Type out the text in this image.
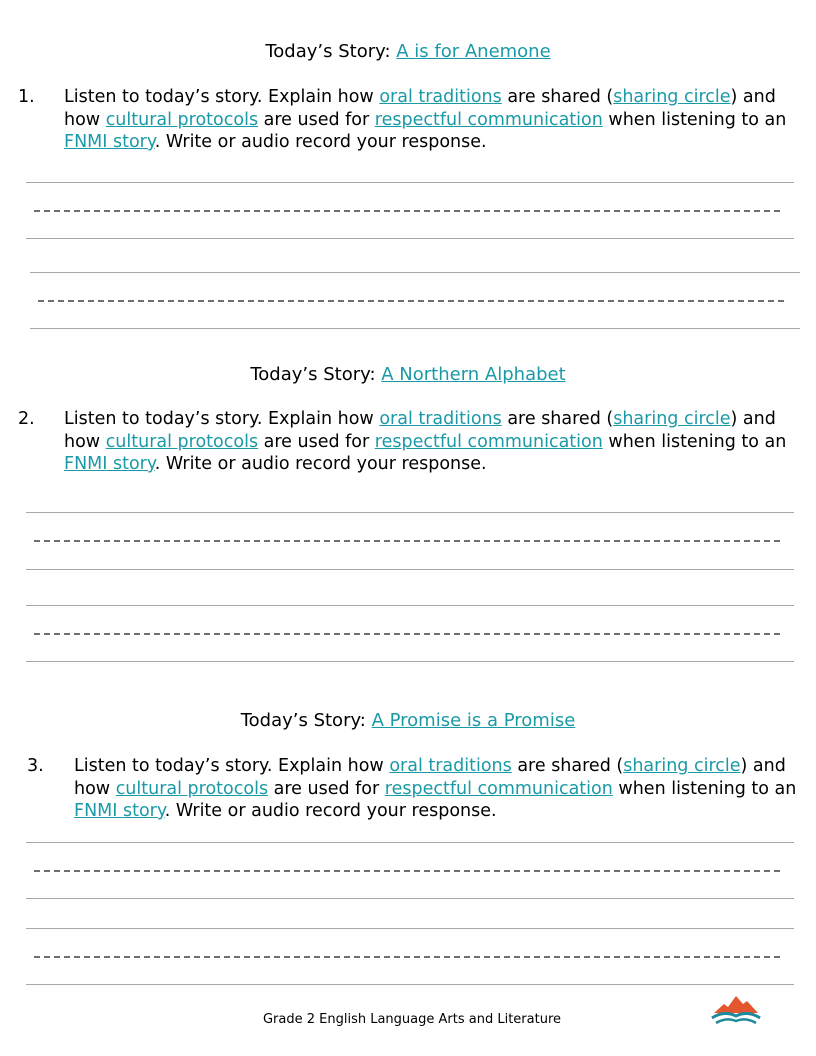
Today’s Story: A is for Anemone
1. Listen to today’s story. Explain how oral traditions are shared (sharing circle) and
how cultural protocols are used for respectful communication when listening to an
FNMI story. Write or audio record your response.
Today’s Story: A Northern Alphabet
2. Listen to today’s story. Explain how oral traditions are shared (sharing circle) and
how cultural protocols are used for respectful communication when listening to an
FNMI story. Write or audio record your response.
Today’s Story: A Promise is a Promise
3. Listen to today’s story. Explain how oral traditions are shared (sharing circle) and
how cultural protocols are used for respectful communication when listening to an
FNMI story. Write or audio record your response.
Grade 2 English Language Arts and Literature
